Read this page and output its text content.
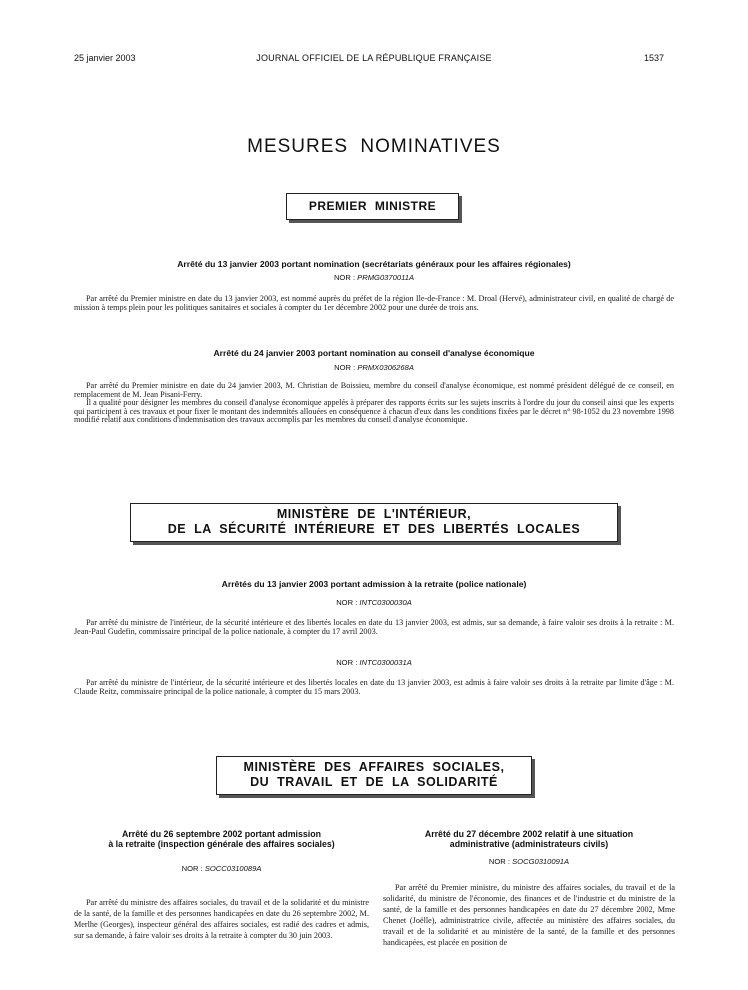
25 janvier 2003	JOURNAL OFFICIEL DE LA RÉPUBLIQUE FRANÇAISE	1537
MESURES NOMINATIVES
PREMIER MINISTRE
Arrêté du 13 janvier 2003 portant nomination (secrétariats généraux pour les affaires régionales)
NOR : PRMG0370011A

Par arrêté du Premier ministre en date du 13 janvier 2003, est nommé auprès du préfet de la région Ile-de-France : M. Droal (Hervé), administrateur civil, en qualité de chargé de mission à temps plein pour les politiques sanitaires et sociales à compter du 1er décembre 2002 pour une durée de trois ans.

Arrêté du 24 janvier 2003 portant nomination au conseil d'analyse économique
NOR : PRMX0306268A

Par arrêté du Premier ministre en date du 24 janvier 2003, M. Christian de Boissieu, membre du conseil d'analyse économique, est nommé président délégué de ce conseil, en remplacement de M. Jean Pisani-Ferry.

Il a qualité pour désigner les membres du conseil d'analyse économique appelés à préparer des rapports écrits sur les sujets inscrits à l'ordre du jour du conseil ainsi que les experts qui participent à ces travaux et pour fixer le montant des indemnités allouées en conséquence à chacun d'eux dans les conditions fixées par le décret n° 98-1052 du 23 novembre 1998 modifié relatif aux conditions d'indemnisation des travaux accomplis par les membres du conseil d'analyse économique.

MINISTÈRE DE L'INTÉRIEUR,
DE LA SÉCURITÉ INTÉRIEURE ET DES LIBERTÉS LOCALES
Arrêtés du 13 janvier 2003 portant admission à la retraite (police nationale)
NOR : INTC0300030A

Par arrêté du ministre de l'intérieur, de la sécurité intérieure et des libertés locales en date du 13 janvier 2003, est admis, sur sa demande, à faire valoir ses droits à la retraite : M. Jean-Paul Gudefin, commissaire principal de la police nationale, à compter du 17 avril 2003.

NOR : INTC0300031A

Par arrêté du ministre de l'intérieur, de la sécurité intérieure et des libertés locales en date du 13 janvier 2003, est admis à faire valoir ses droits à la retraite par limite d'âge : M. Claude Reitz, commissaire principal de la police nationale, à compter du 15 mars 2003.

MINISTÈRE DES AFFAIRES SOCIALES,
DU TRAVAIL ET DE LA SOLIDARITÉ
Arrêté du 26 septembre 2002 portant admission
à la retraite (inspection générale des affaires sociales)
NOR : SOCC0310089A

Par arrêté du ministre des affaires sociales, du travail et de la solidarité et du ministre de la santé, de la famille et des personnes handicapées en date du 26 septembre 2002, M. Merlhe (Georges), inspecteur général des affaires sociales, est radié des cadres et admis, sur sa demande, à faire valoir ses droits à la retraite à compter du 30 juin 2003.

Arrêté du 27 décembre 2002 relatif à une situation
administrative (administrateurs civils)
NOR : SOCG0310091A

Par arrêté du Premier ministre, du ministre des affaires sociales, du travail et de la solidarité, du ministre de l'économie, des finances et de l'industrie et du ministre de la santé, de la famille et des personnes handicapées en date du 27 décembre 2002, Mme Chenet (Joëlle), administratrice civile, affectée au ministère des affaires sociales, du travail et de la solidarité et au ministère de la santé, de la famille et des personnes handicapées, est placée en position de
